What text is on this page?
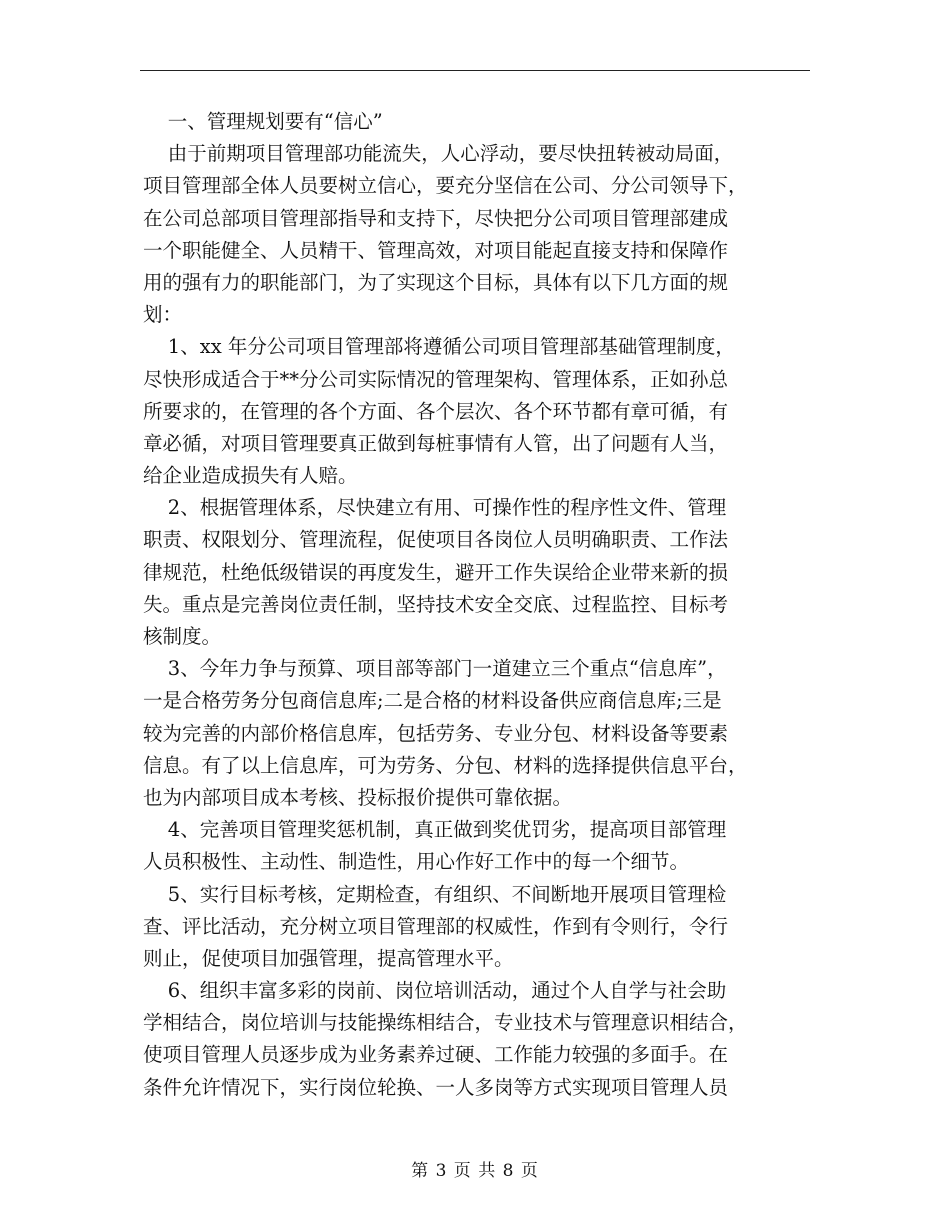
一、管理规划要有“信心”
由于前期项目管理部功能流失，人心浮动，要尽快扭转被动局面，
项目管理部全体人员要树立信心，要充分坚信在公司、分公司领导下，
在公司总部项目管理部指导和支持下，尽快把分公司项目管理部建成
一个职能健全、人员精干、管理高效，对项目能起直接支持和保障作
用的强有力的职能部门，为了实现这个目标，具体有以下几方面的规
划：
1、xx 年分公司项目管理部将遵循公司项目管理部基础管理制度，
尽快形成适合于**分公司实际情况的管理架构、管理体系，正如孙总
所要求的，在管理的各个方面、各个层次、各个环节都有章可循，有
章必循，对项目管理要真正做到每桩事情有人管，出了问题有人当，
给企业造成损失有人赔。
2、根据管理体系，尽快建立有用、可操作性的程序性文件、管理
职责、权限划分、管理流程，促使项目各岗位人员明确职责、工作法
律规范，杜绝低级错误的再度发生，避开工作失误给企业带来新的损
失。重点是完善岗位责任制，坚持技术安全交底、过程监控、目标考
核制度。
3、今年力争与预算、项目部等部门一道建立三个重点“信息库”，
一是合格劳务分包商信息库;二是合格的材料设备供应商信息库;三是
较为完善的内部价格信息库，包括劳务、专业分包、材料设备等要素
信息。有了以上信息库，可为劳务、分包、材料的选择提供信息平台，
也为内部项目成本考核、投标报价提供可靠依据。
4、完善项目管理奖惩机制，真正做到奖优罚劣，提高项目部管理
人员积极性、主动性、制造性，用心作好工作中的每一个细节。
5、实行目标考核，定期检查，有组织、不间断地开展项目管理检
查、评比活动，充分树立项目管理部的权威性，作到有令则行，令行
则止，促使项目加强管理，提高管理水平。
6、组织丰富多彩的岗前、岗位培训活动，通过个人自学与社会助
学相结合，岗位培训与技能操练相结合，专业技术与管理意识相结合，
使项目管理人员逐步成为业务素养过硬、工作能力较强的多面手。在
条件允许情况下，实行岗位轮换、一人多岗等方式实现项目管理人员
第 3 页 共 8 页
